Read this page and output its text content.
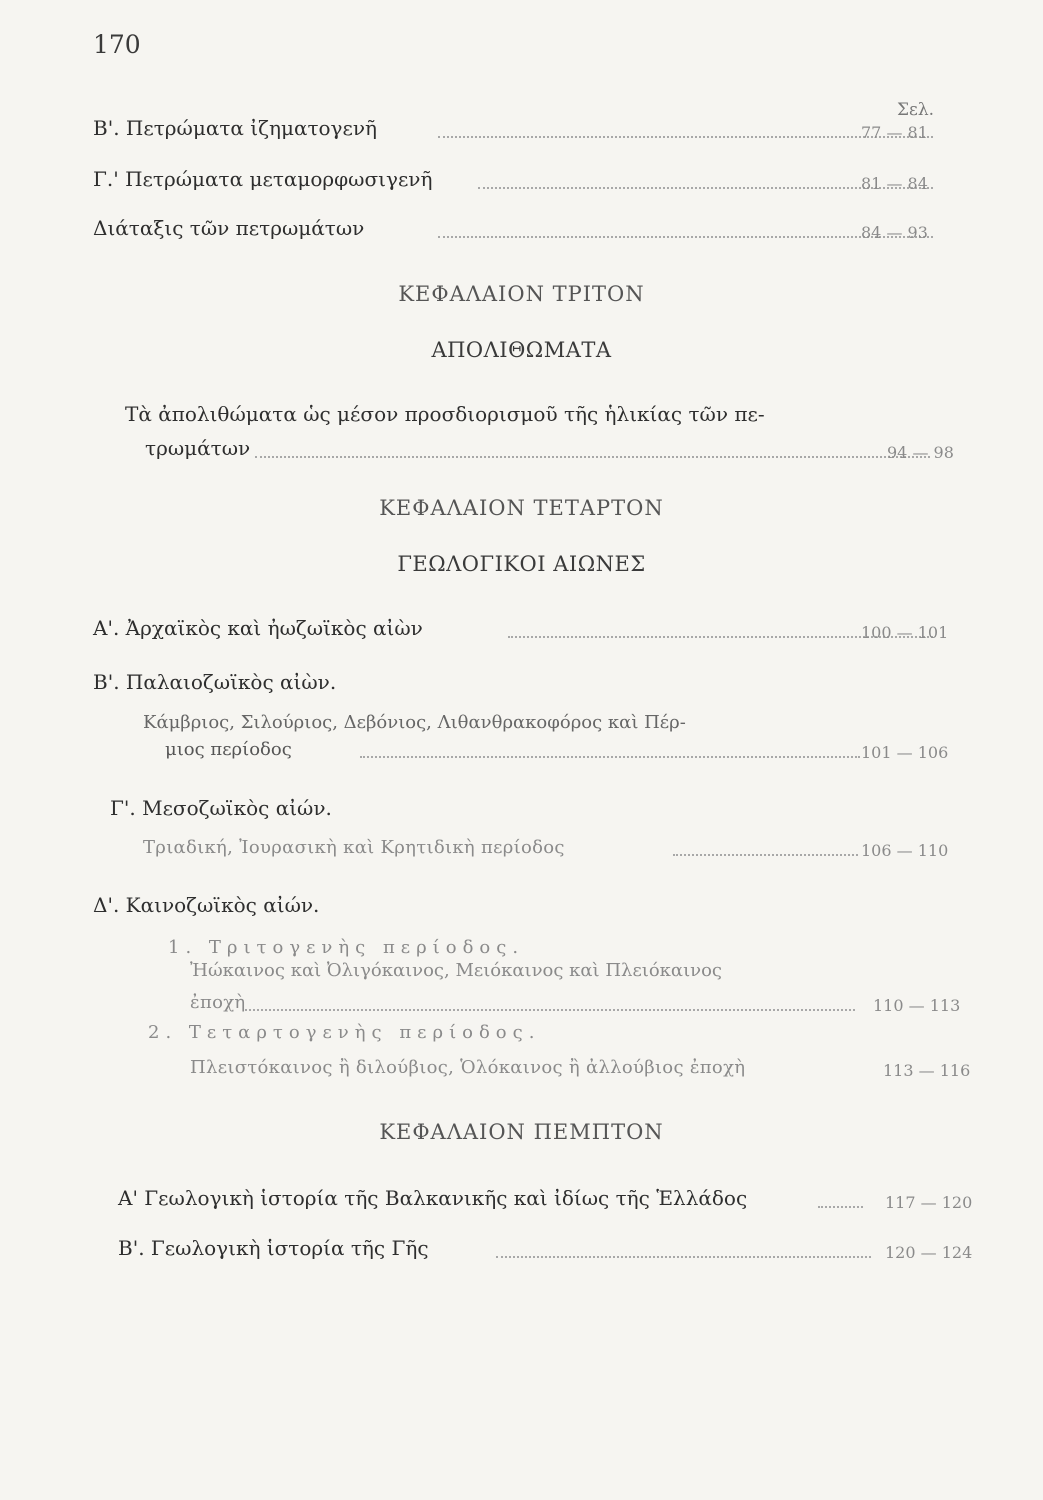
170
Σελ.
Β'. Πετρώματα ἰζηματογενῆ	77 — 81
Γ.' Πετρώματα μεταμορφωσιγενῆ	81 — 84
Διάταξις τῶν πετρωμάτων	84 — 93
ΚΕΦΑΛΑΙΟΝ ΤΡΙΤΟΝ
ΑΠΟΛΙΘΩΜΑΤΑ
Τὰ ἀπολιθώματα ὡς μέσον προσδιορισμοῦ τῆς ἡλικίας τῶν πε-
τρωμάτων	94 — 98
ΚΕΦΑΛΑΙΟΝ ΤΕΤΑΡΤΟΝ
ΓΕΩΛΟΓΙΚΟΙ ΑΙΩΝΕΣ
Α'. Ἀρχαϊκὸς καὶ ἠωζωϊκὸς αἰὼν	100 — 101
Β'. Παλαιοζωϊκὸς αἰὼν.
Κάμβριος, Σιλούριος, Δεβόνιος, Λιθανθρακοφόρος καὶ Πέρ-
μιος περίοδος	101 — 106
Γ'. Μεσοζωϊκὸς αἰών.
Τριαδική, Ἰουρασικὴ καὶ Κρητιδικὴ περίοδος	106 — 110
Δ'. Καινοζωϊκὸς αἰών.
1. Τριτογενὴς περίοδος.
Ἠώκαινος καὶ Ὀλιγόκαινος, Μειόκαινος καὶ Πλειόκαινος
ἐποχὴ	110 — 113
2. Τεταρτογενὴς περίοδος.
Πλειστόκαινος ἢ διλούβιος, Ὁλόκαινος ἢ ἀλλούβιος ἐποχὴ	113 — 116
ΚΕΦΑΛΑΙΟΝ ΠΕΜΠΤΟΝ
Α' Γεωλογικὴ ἱστορία τῆς Βαλκανικῆς καὶ ἰδίως τῆς Ἑλλάδος	117 — 120
Β'. Γεωλογικὴ ἱστορία τῆς Γῆς	120 — 124
